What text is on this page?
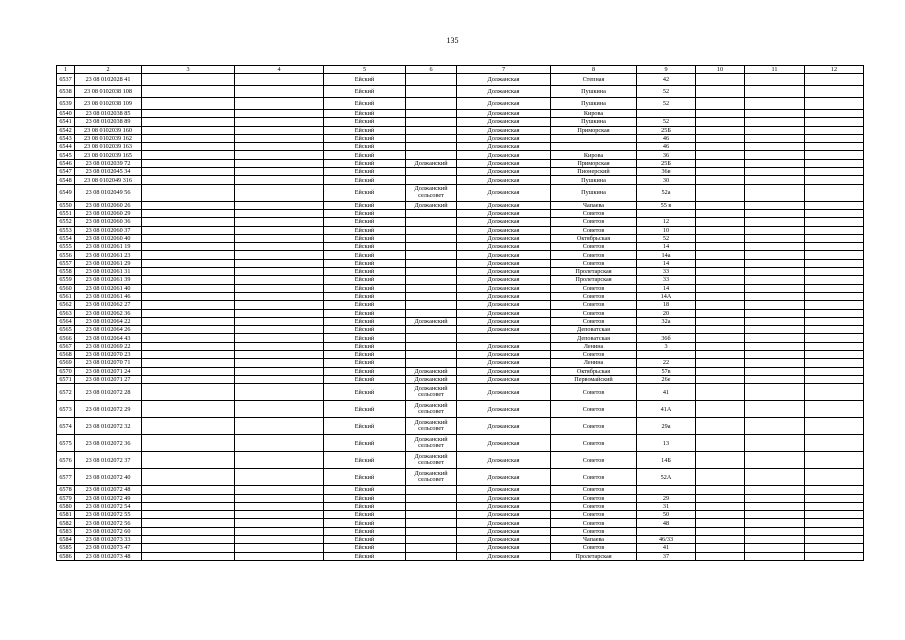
135
1	2	3	4	5	6	7	8	9	10	11	12
6537	23 08 0102028 41			Ейский		Должанская	Степная	42			
6538	23 08 0102038 108			Ейский		Должанская	Пушкина	52			
6539	23 08 0102038 109			Ейский		Должанская	Пушкина	52			
6540	23 08 0102038 85			Ейский		Должанская	Кирова				
6541	23 08 0102038 89			Ейский		Должанская	Пушкина	52			
6542	23 08 0102039 160			Ейский		Должанская	Приморская	25Б			
6543	23 08 0102039 162			Ейский		Должанская		46			
6544	23 08 0102039 163			Ейский		Должанская		46			
6545	23 08 0102039 165			Ейский		Должанская	Кирова	36			
6546	23 08 0102039 72			Ейский	Должанский	Должанская	Приморская	25Б			
6547	23 08 0102045 34			Ейский		Должанская	Пионерский	36в			
6548	23 08 0102049 316			Ейский		Должанская	Пушкина	30			
6549	23 08 0102049 56			Ейский	Должанский сельсовет	Должанская	Пушкина	52а			
6550	23 08 0102060 26			Ейский	Должанский	Должанская	Чапаева	55 в			
6551	23 08 0102060 29			Ейский		Должанская	Советов				
6552	23 08 0102060 36			Ейский		Должанская	Советов	12			
6553	23 08 0102060 37			Ейский		Должанская	Советов	10			
6554	23 08 0102060 40			Ейский		Должанская	Октябрьская	52			
6555	23 08 0102061 19			Ейский		Должанская	Советов	14			
6556	23 08 0102061 23			Ейский		Должанская	Советов	14а			
6557	23 08 0102061 29			Ейский		Должанская	Советов	14			
6558	23 08 0102061 31			Ейский		Должанская	Пролетарская	33			
6559	23 08 0102061 39			Ейский		Должанская	Пролетарская	33			
6560	23 08 0102061 40			Ейский		Должанская	Советов	14			
6561	23 08 0102061 46			Ейский		Должанская	Советов	14А			
6562	23 08 0102062 27			Ейский		Должанская	Советов	18			
6563	23 08 0102062 36			Ейский		Должанская	Советов	20			
6564	23 08 0102064 22			Ейский	Должанский	Должанская	Советов	32а			
6565	23 08 0102064 26			Ейский		Должанская	Деповатская				
6566	23 08 0102064 43			Ейский			Деповатская	36б			
6567	23 08 0102069 22			Ейский		Должанская	Ленина	3			
6568	23 08 0102070 23			Ейский		Должанская	Советов				
6569	23 08 0102070 71			Ейский		Должанская	Ленина	22			
6570	23 08 0102071 24			Ейский	Должанский	Должанская	Октябрьская	57в			
6571	23 08 0102071 27			Ейский	Должанский	Должанская	Первомайский	26е			
6572	23 08 0102072 28			Ейский	Должанский сельсовет	Должанская	Советов	41			
6573	23 08 0102072 29			Ейский	Должанский сельсовет	Должанская	Советов	41А			
6574	23 08 0102072 32			Ейский	Должанский сельсовет	Должанская	Советов	29а			
6575	23 08 0102072 36			Ейский	Должанский сельсовет	Должанская	Советов	13			
6576	23 08 0102072 37			Ейский	Должанский сельсовет	Должанская	Советов	14Б			
6577	23 08 0102072 40			Ейский	Должанский сельсовет	Должанская	Советов	52А			
6578	23 08 0102072 48			Ейский		Должанская	Советов				
6579	23 08 0102072 49			Ейский		Должанская	Советов	29			
6580	23 08 0102072 54			Ейский		Должанская	Советов	31			
6581	23 08 0102072 55			Ейский		Должанская	Советов	50			
6582	23 08 0102072 56			Ейский		Должанская	Советов	48			
6583	23 08 0102072 60			Ейский		Должанская	Советов				
6584	23 08 0102073 33			Ейский		Должанская	Чапаева	46/33			
6585	23 08 0102073 47			Ейский		Должанская	Советов	41			
6586	23 08 0102073 48			Ейский		Должанская	Пролетарская	37			
